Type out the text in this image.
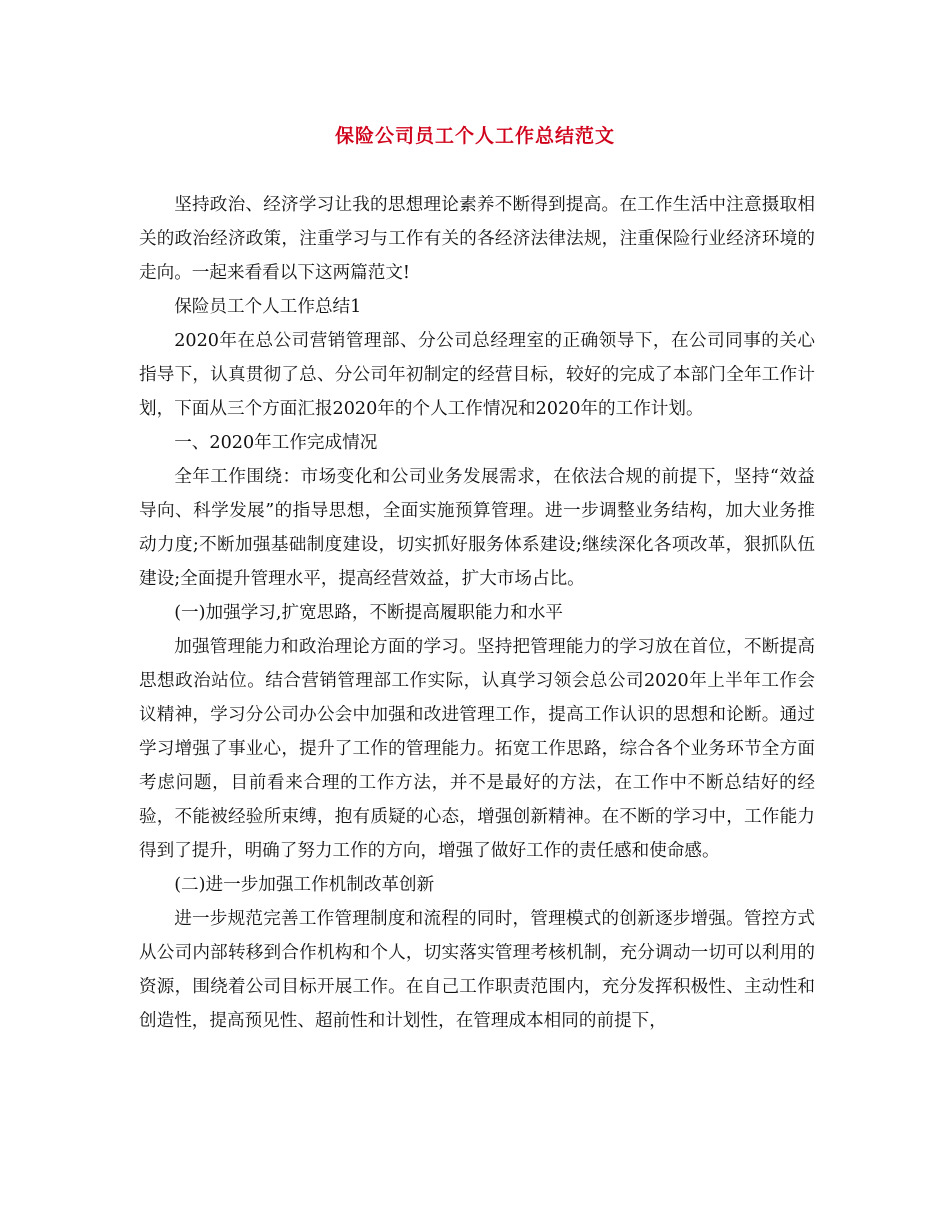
保险公司员工个人工作总结范文

坚持政治、经济学习让我的思想理论素养不断得到提高。在工作生活中注意摄取相关的政治经济政策，注重学习与工作有关的各经济法律法规，注重保险行业经济环境的走向。一起来看看以下这两篇范文!

保险员工个人工作总结1

2020年在总公司营销管理部、分公司总经理室的正确领导下，在公司同事的关心指导下，认真贯彻了总、分公司年初制定的经营目标，较好的完成了本部门全年工作计划，下面从三个方面汇报2020年的个人工作情况和2020年的工作计划。

一、2020年工作完成情况

全年工作围绕：市场变化和公司业务发展需求，在依法合规的前提下，坚持“效益导向、科学发展”的指导思想，全面实施预算管理。进一步调整业务结构，加大业务推动力度;不断加强基础制度建设，切实抓好服务体系建设;继续深化各项改革，狠抓队伍建设;全面提升管理水平，提高经营效益，扩大市场占比。

(一)加强学习,扩宽思路，不断提高履职能力和水平

加强管理能力和政治理论方面的学习。坚持把管理能力的学习放在首位，不断提高思想政治站位。结合营销管理部工作实际，认真学习领会总公司2020年上半年工作会议精神，学习分公司办公会中加强和改进管理工作，提高工作认识的思想和论断。通过学习增强了事业心，提升了工作的管理能力。拓宽工作思路，综合各个业务环节全方面考虑问题，目前看来合理的工作方法，并不是最好的方法，在工作中不断总结好的经验，不能被经验所束缚，抱有质疑的心态，增强创新精神。在不断的学习中，工作能力得到了提升，明确了努力工作的方向，增强了做好工作的责任感和使命感。

(二)进一步加强工作机制改革创新

进一步规范完善工作管理制度和流程的同时，管理模式的创新逐步增强。管控方式从公司内部转移到合作机构和个人，切实落实管理考核机制，充分调动一切可以利用的资源，围绕着公司目标开展工作。在自己工作职责范围内，充分发挥积极性、主动性和创造性，提高预见性、超前性和计划性，在管理成本相同的前提下，
